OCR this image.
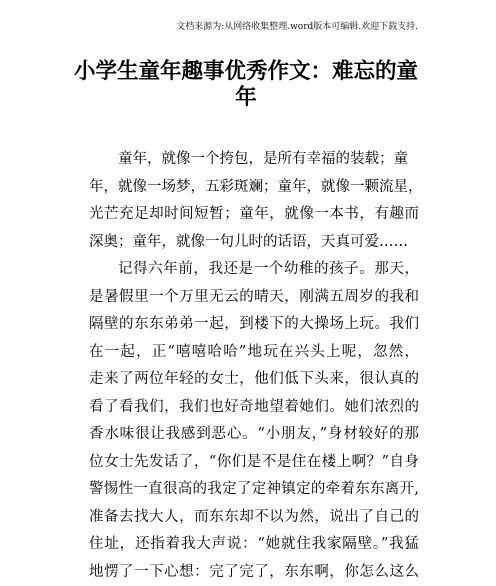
文档来源为:从网络收集整理.word版本可编辑.欢迎下载支持.
小学生童年趣事优秀作文：难忘的童
年
童年，就像一个挎包，是所有幸福的装载；童
年，就像一场梦，五彩斑斓；童年，就像一颗流星，
光芒充足却时间短暂；童年，就像一本书，有趣而
深奥；童年，就像一句儿时的话语，天真可爱……
记得六年前，我还是一个幼稚的孩子。那天，
是暑假里一个万里无云的晴天，刚满五周岁的我和
隔壁的东东弟弟一起，到楼下的大操场上玩。我们
在一起，正“嘻嘻哈哈”地玩在兴头上呢，忽然，
走来了两位年轻的女士，他们低下头来，很认真的
看了看我们，我们也好奇地望着她们。她们浓烈的
香水味很让我感到恶心。“小朋友，”身材较好的那
位女士先发话了，“你们是不是住在楼上啊？”自身
警惕性一直很高的我定了定神镇定的牵着东东离开,
准备去找大人，而东东却不以为然，说出了自己的
住址，还指着我大声说：“她就住我家隔壁。”我猛
地愣了一下心想：完了完了，东东啊，你怎么这么
